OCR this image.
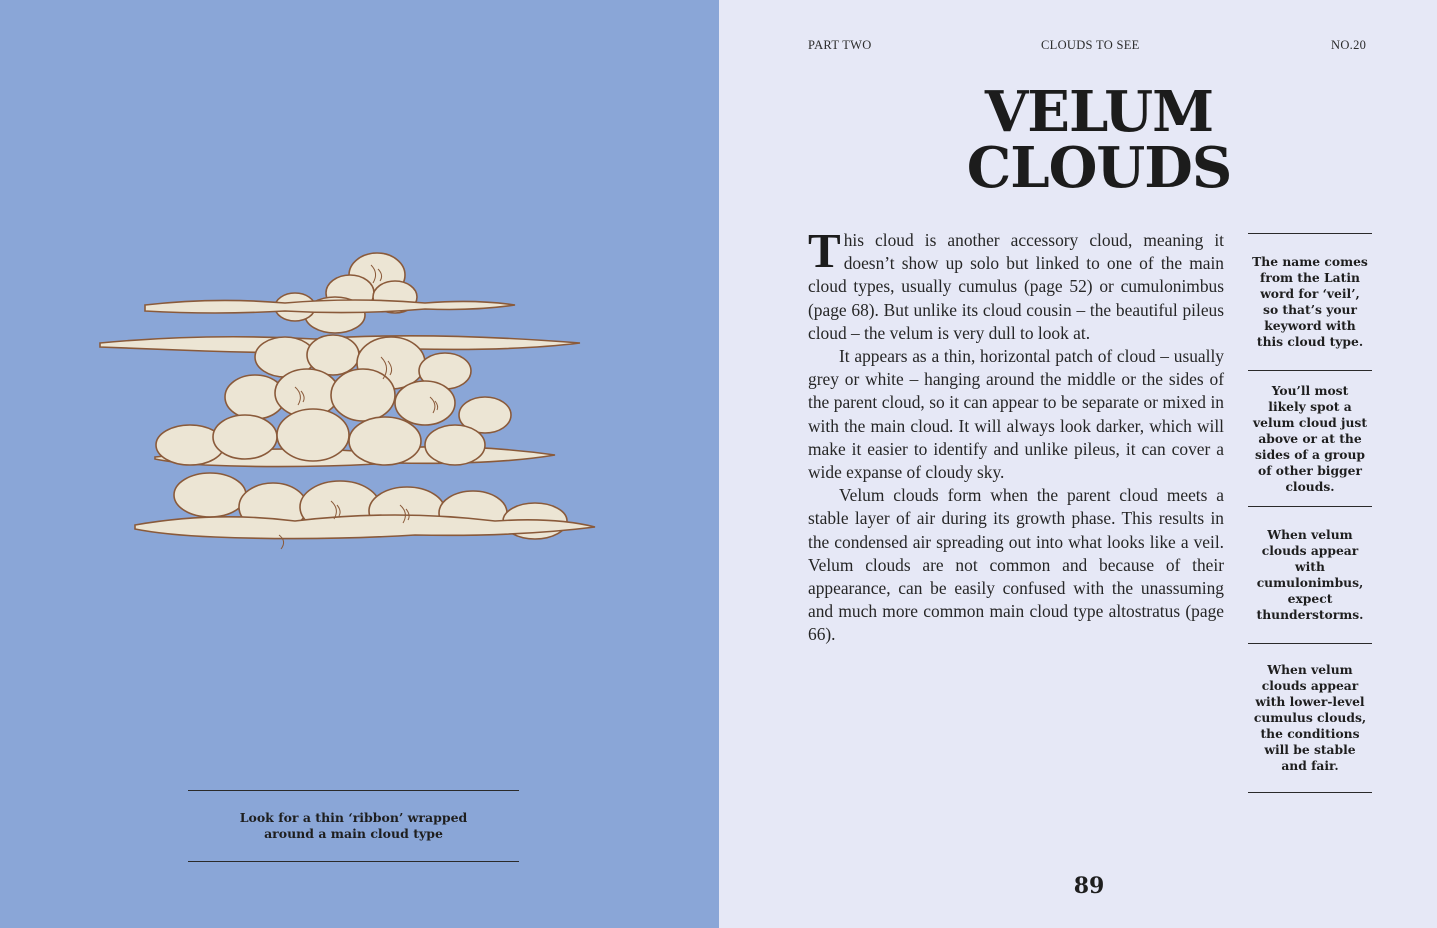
Look for a thin ‘ribbon’ wrapped around a main cloud type
PART TWO	CLOUDS TO SEE	NO.20
VELUM
CLOUDS

This cloud is another accessory cloud, meaning it doesn’t show up solo but linked to one of the main cloud types, usually cumulus (page 52) or cumulonimbus (page 68). But unlike its cloud cousin – the beautiful pileus cloud – the velum is very dull to look at.

It appears as a thin, horizontal patch of cloud – usually grey or white – hanging around the middle or the sides of the parent cloud, so it can appear to be separate or mixed in with the main cloud. It will always look darker, which will make it easier to identify and unlike pileus, it can cover a wide expanse of cloudy sky.

Velum clouds form when the parent cloud meets a stable layer of air during its growth phase. This results in the condensed air spreading out into what looks like a veil. Velum clouds are not common and because of their appearance, can be easily confused with the unassuming and much more common main cloud type altostratus (page 66).

The name comes from the Latin word for ‘veil’, so that’s your keyword with this cloud type.
You’ll most likely spot a velum cloud just above or at the sides of a group of other bigger clouds.
When velum clouds appear with cumulonimbus, expect thunderstorms.
When velum clouds appear with lower-level cumulus clouds, the conditions will be stable and fair.
89
